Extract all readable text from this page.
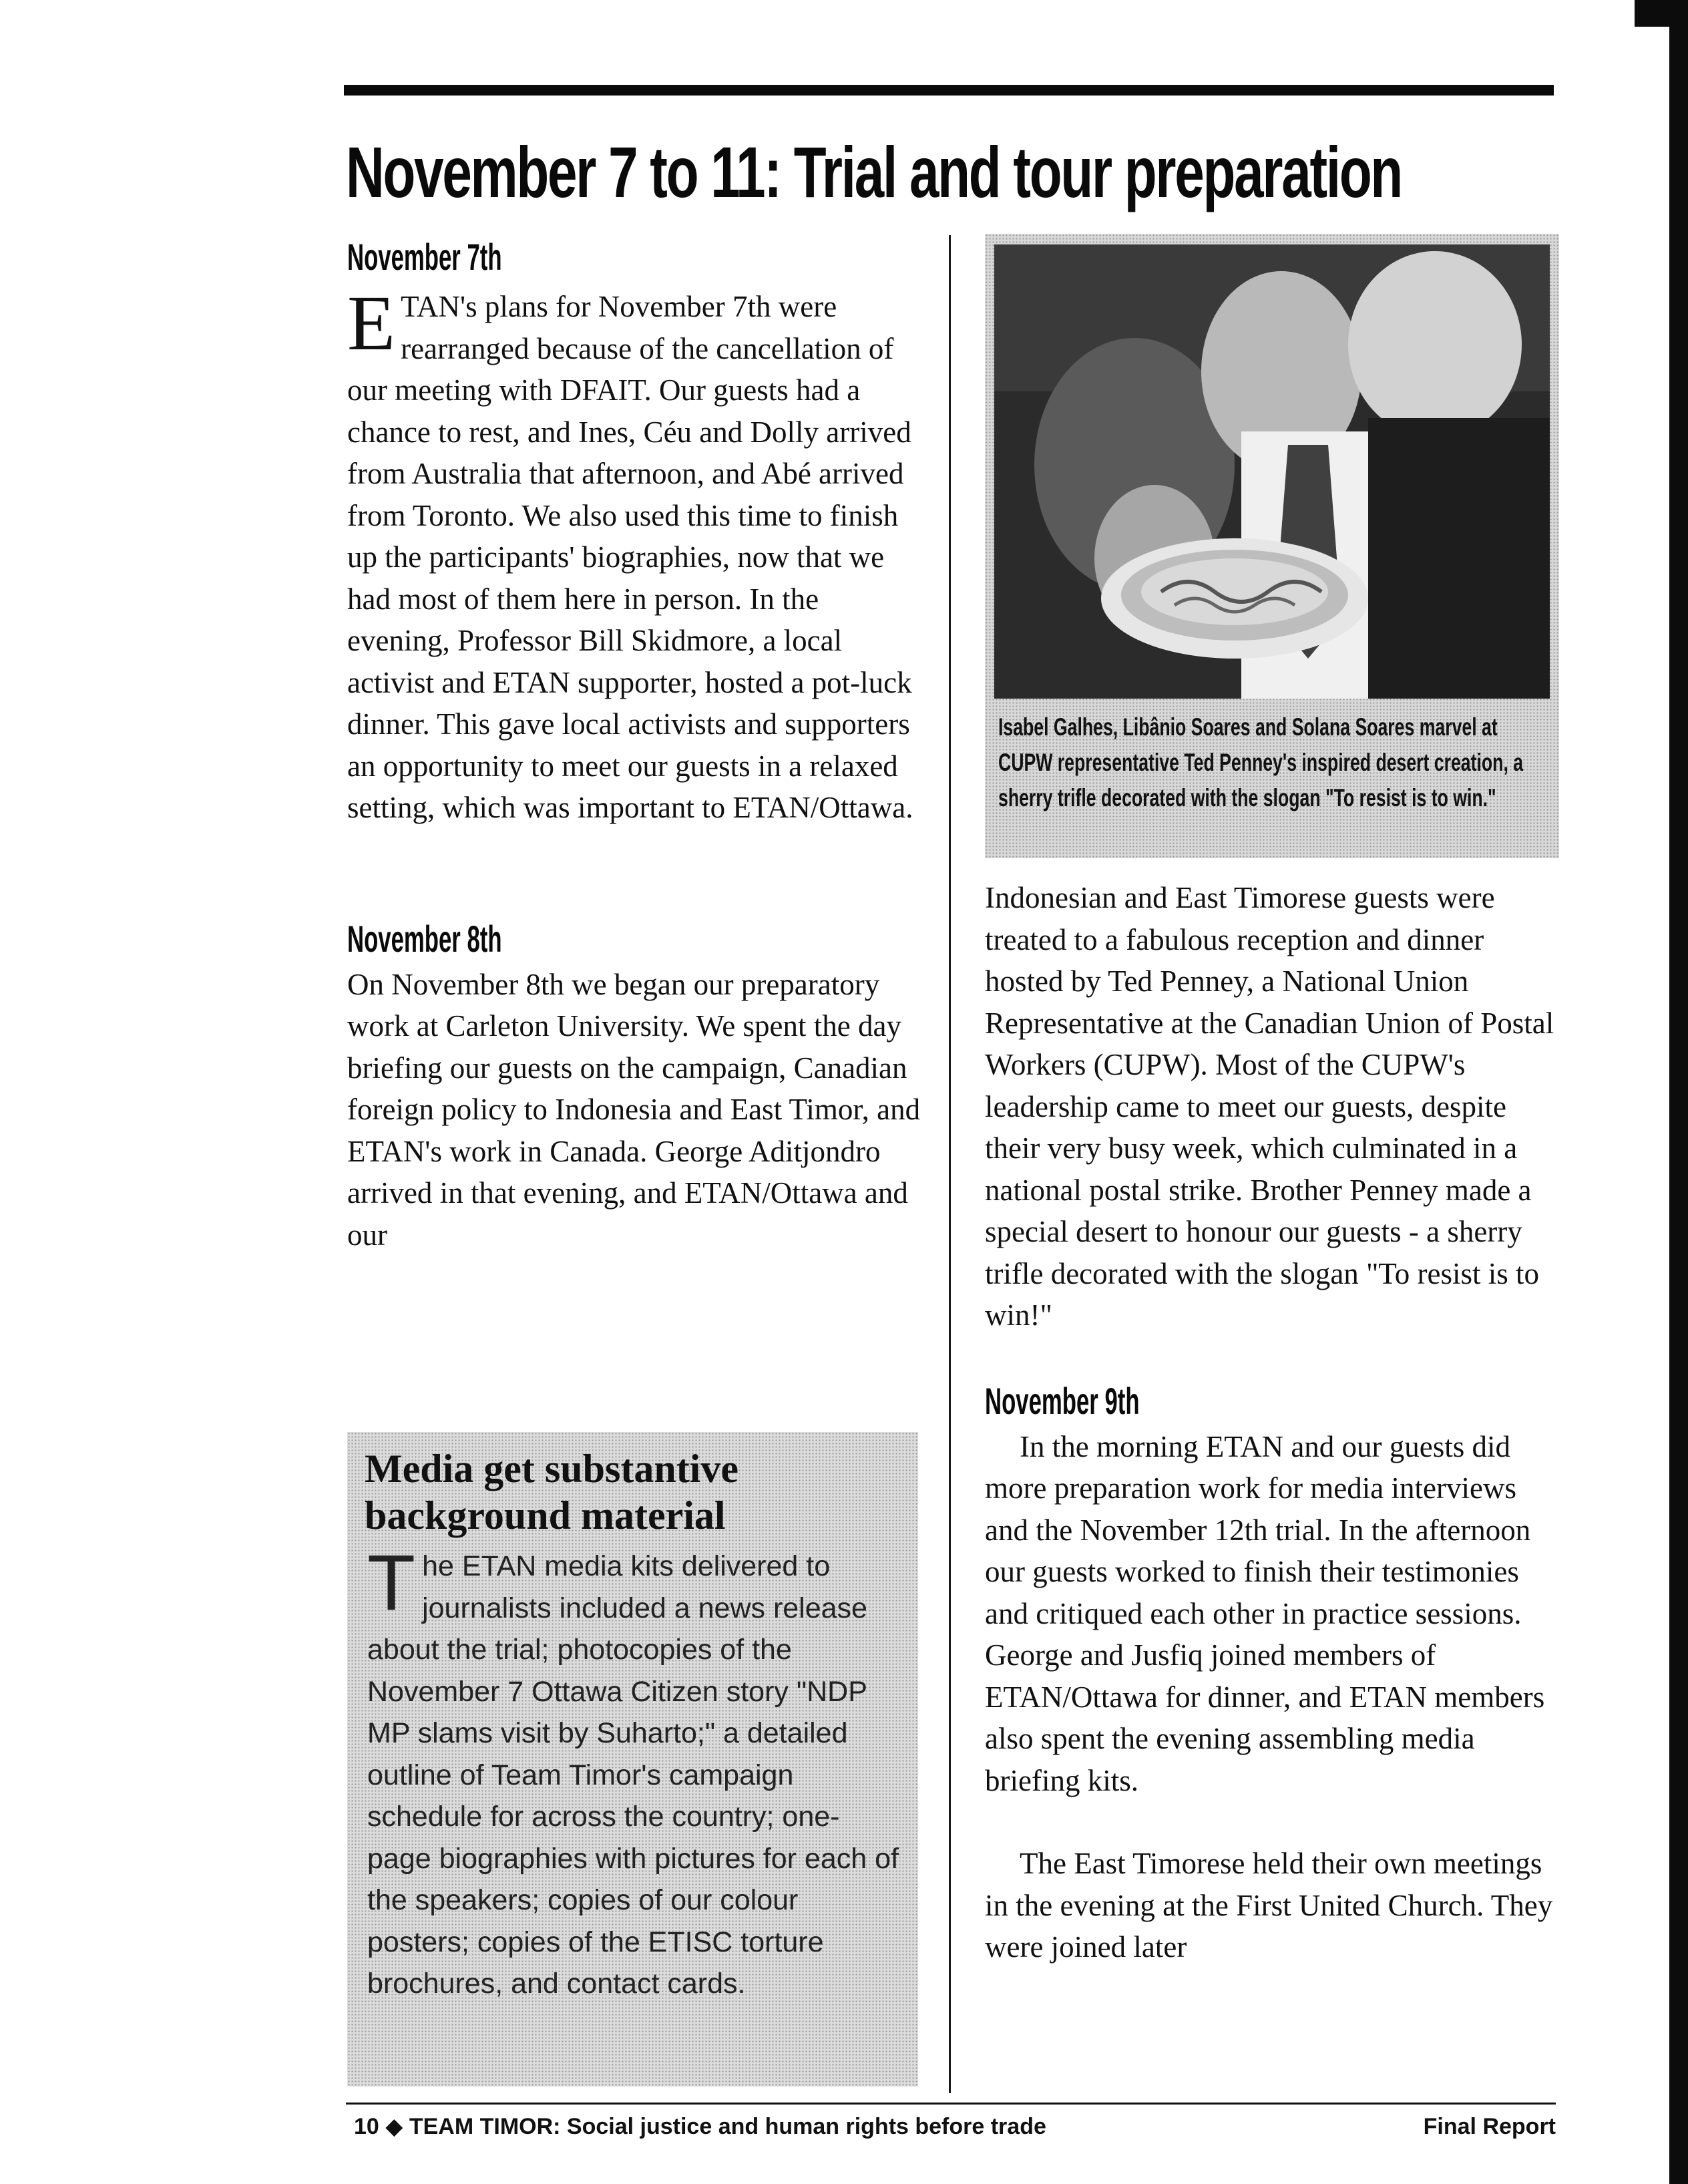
November 7 to 11: Trial and tour preparation
November 7th

ETAN's plans for November 7th were rearranged because of the cancellation of our meeting with DFAIT. Our guests had a chance to rest, and Ines, Céu and Dolly arrived from Australia that afternoon, and Abé arrived from Toronto. We also used this time to finish up the participants' biographies, now that we had most of them here in person. In the evening, Professor Bill Skidmore, a local activist and ETAN supporter, hosted a pot-luck dinner. This gave local activists and supporters an opportunity to meet our guests in a relaxed setting, which was important to ETAN/Ottawa.

November 8th

On November 8th we began our preparatory work at Carleton University. We spent the day briefing our guests on the campaign, Canadian foreign policy to Indonesia and East Timor, and ETAN's work in Canada. George Aditjondro arrived in that evening, and ETAN/Ottawa and our

Media get substantive
background material
The ETAN media kits delivered to journalists included a news release about the trial; photocopies of the November 7 Ottawa Citizen story "NDP MP slams visit by Suharto;" a detailed outline of Team Timor's campaign schedule for across the country; one-page biographies with pictures for each of the speakers; copies of our colour posters; copies of the ETISC torture brochures, and contact cards.
Isabel Galhes, Libânio Soares and Solana Soares marvel at
CUPW representative Ted Penney's inspired desert creation, a
sherry trifle decorated with the slogan "To resist is to win."

Indonesian and East Timorese guests were treated to a fabulous reception and dinner hosted by Ted Penney, a National Union Representative at the Canadian Union of Postal Workers (CUPW). Most of the CUPW's leadership came to meet our guests, despite their very busy week, which culminated in a national postal strike. Brother Penney made a special desert to honour our guests - a sherry trifle decorated with the slogan "To resist is to win!"

November 9th

In the morning ETAN and our guests did more preparation work for media interviews and the November 12th trial. In the afternoon our guests worked to finish their testimonies and critiqued each other in practice sessions. George and Jusfiq joined members of ETAN/Ottawa for dinner, and ETAN members also spent the evening assembling media briefing kits.

The East Timorese held their own meetings in the evening at the First United Church. They were joined later

10 ◆ TEAM TIMOR: Social justice and human rights before trade	Final Report
